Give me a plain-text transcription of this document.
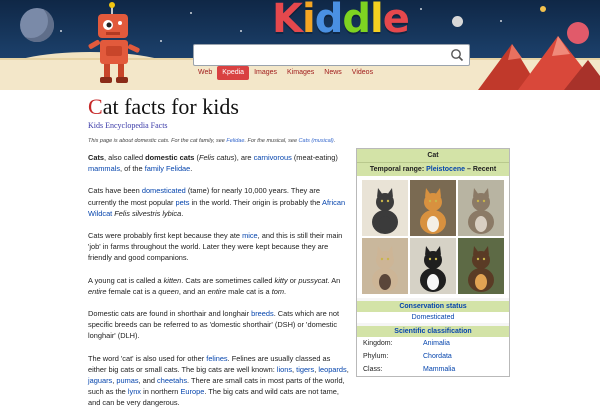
Kiddle
Web	Kpedia	Images	Kimages	News	Videos
Cat facts for kids
Kids Encyclopedia Facts
This page is about domestic cats. For the cat family, see Felidae. For the musical, see Cats (musical).

Cats, also called domestic cats (Felis catus), are carnivorous (meat-eating) mammals, of the family Felidae.

Cats have been domesticated (tame) for nearly 10,000 years. They are currently the most popular pets in the world. Their origin is probably the African Wildcat Felis silvestris lybica.

Cats were probably first kept because they ate mice, and this is still their main 'job' in farms throughout the world. Later they were kept because they are friendly and good companions.

A young cat is called a kitten. Cats are sometimes called kitty or pussycat. An entire female cat is a queen, and an entire male cat is a tom.

Domestic cats are found in shorthair and longhair breeds. Cats which are not specific breeds can be referred to as 'domestic shorthair' (DSH) or 'domestic longhair' (DLH).

The word 'cat' is also used for other felines. Felines are usually classed as either big cats or small cats. The big cats are well known: lions, tigers, leopards, jaguars, pumas, and cheetahs. There are small cats in most parts of the world, such as the lynx in northern Europe. The big cats and wild cats are not tame, and can be very dangerous.

Cat
Temporal range: Pleistocene – Recent
Conservation status
Domesticated
Scientific classification
Kingdom:	Animalia
Phylum:	Chordata
Class:	Mammalia
